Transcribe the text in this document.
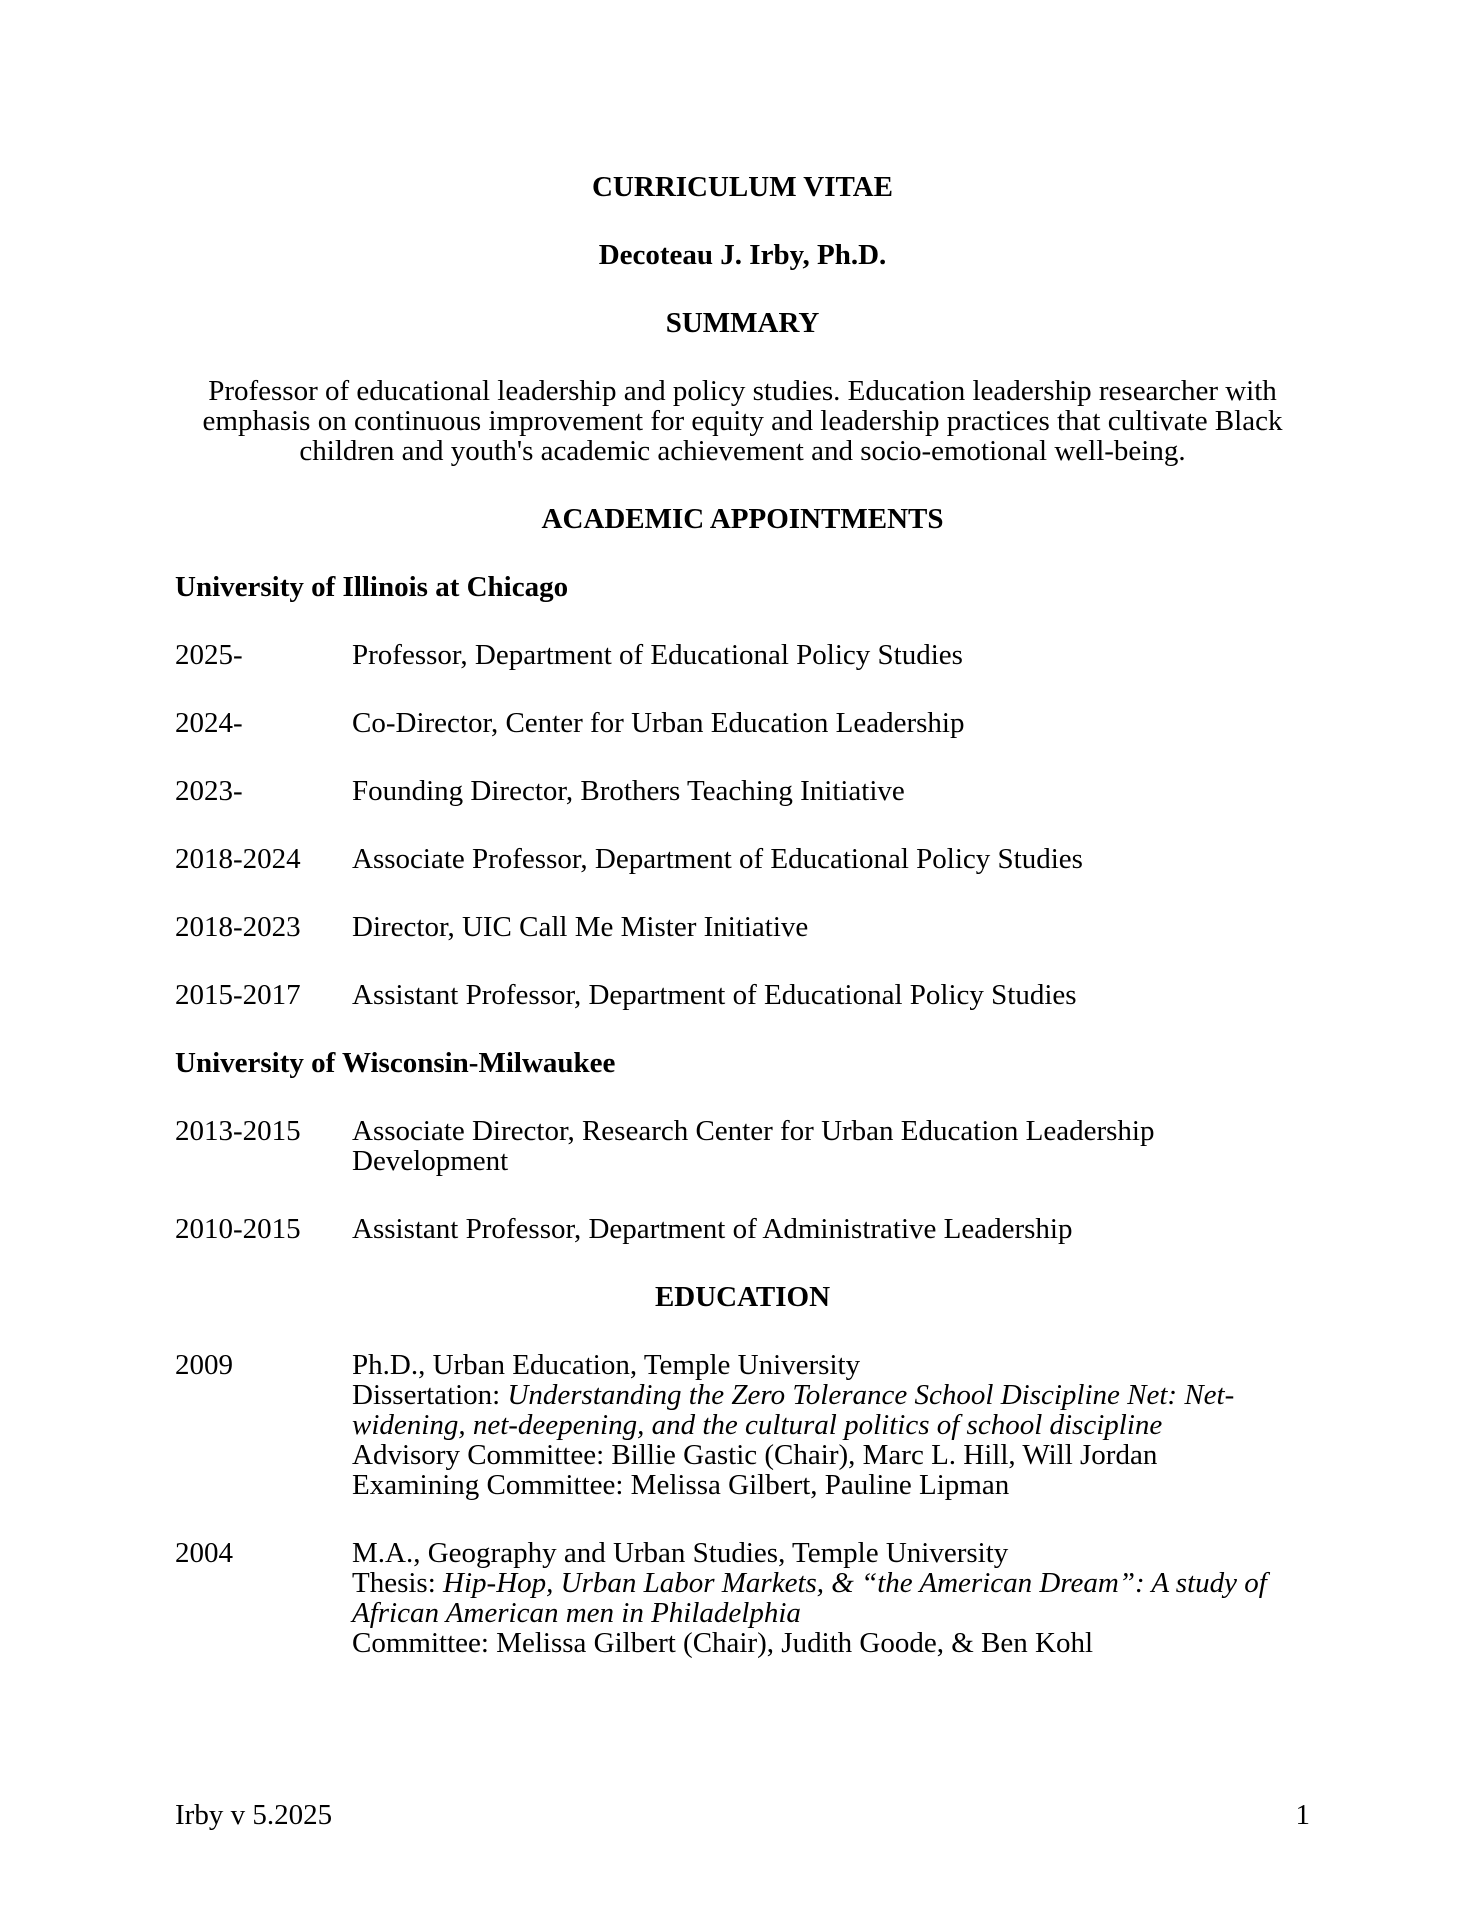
CURRICULUM VITAE
Decoteau J. Irby, Ph.D.
SUMMARY

Professor of educational leadership and policy studies. Education leadership researcher with emphasis on continuous improvement for equity and leadership practices that cultivate Black children and youth's academic achievement and socio-emotional well-being.

ACADEMIC APPOINTMENTS
University of Illinois at Chicago
2025-	Professor, Department of Educational Policy Studies
2024-	Co-Director, Center for Urban Education Leadership
2023-	Founding Director, Brothers Teaching Initiative
2018-2024	Associate Professor, Department of Educational Policy Studies
2018-2023	Director, UIC Call Me Mister Initiative
2015-2017	Assistant Professor, Department of Educational Policy Studies
University of Wisconsin-Milwaukee
2013-2015	Associate Director, Research Center for Urban Education Leadership Development
2010-2015	Assistant Professor, Department of Administrative Leadership
EDUCATION
2009	Ph.D., Urban Education, Temple University
Dissertation: Understanding the Zero Tolerance School Discipline Net: Net-widening, net-deepening, and the cultural politics of school discipline
Advisory Committee: Billie Gastic (Chair), Marc L. Hill, Will Jordan
Examining Committee: Melissa Gilbert, Pauline Lipman
2004	M.A., Geography and Urban Studies, Temple University
Thesis: Hip-Hop, Urban Labor Markets, & “the American Dream”: A study of African American men in Philadelphia
Committee: Melissa Gilbert (Chair), Judith Goode, & Ben Kohl
Irby v 5.2025	1
